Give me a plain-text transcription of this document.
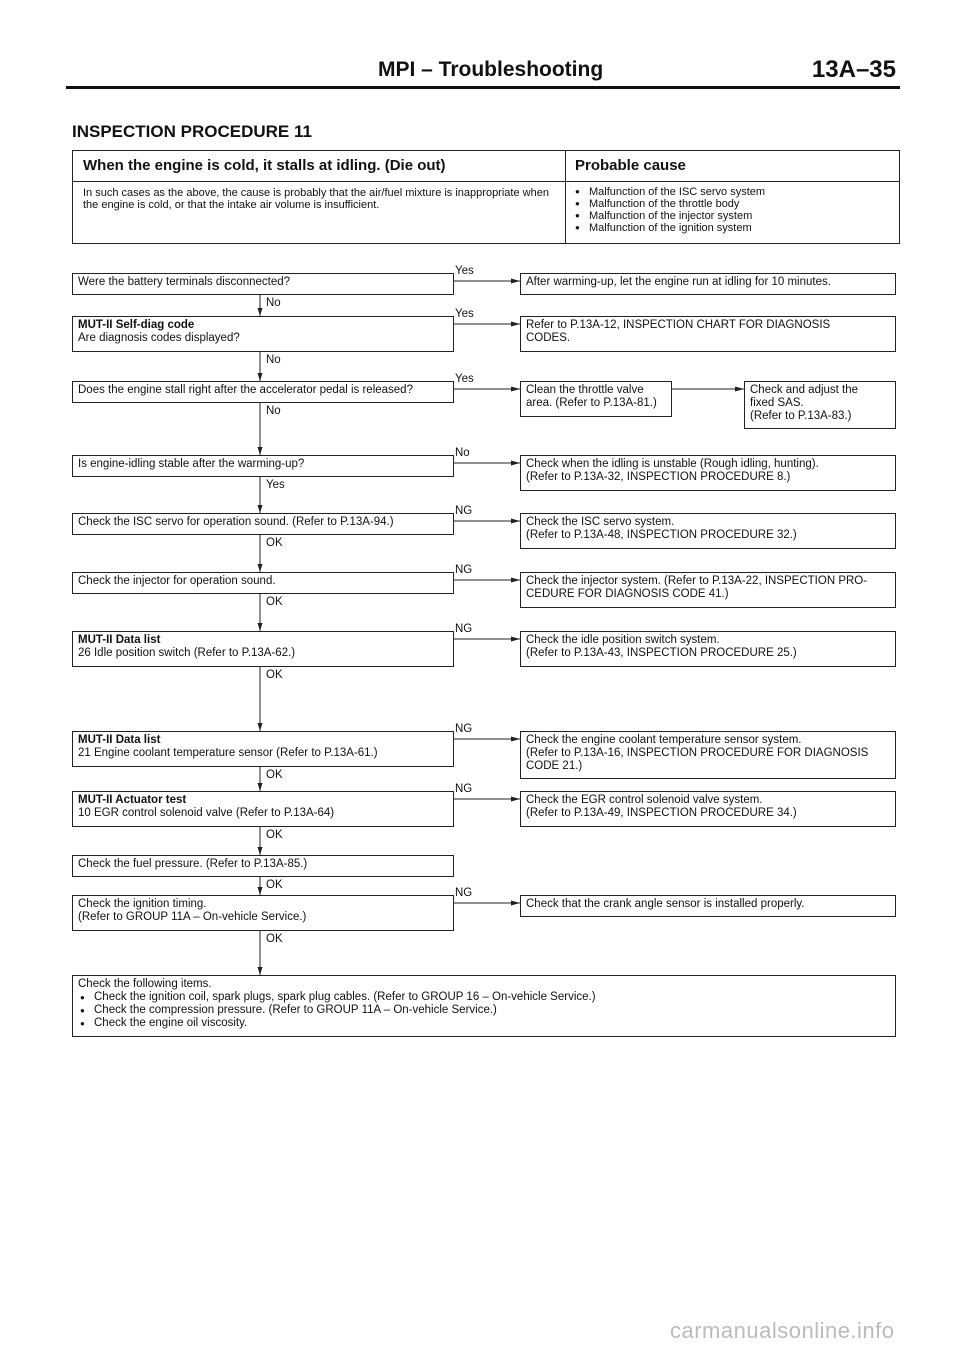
MPI – Troubleshooting	13A–35
INSPECTION PROCEDURE 11
When the engine is cold, it stalls at idling. (Die out)	Probable cause
In such cases as the above, the cause is probably that the air/fuel mixture is inappropriate when the engine is cold, or that the intake air volume is insufficient.
● Malfunction of the ISC servo system
● Malfunction of the throttle body
● Malfunction of the injector system
● Malfunction of the ignition system
Were the battery terminals disconnected?
MUT-II Self-diag code
Are diagnosis codes displayed?
Does the engine stall right after the accelerator pedal is released?
Is engine-idling stable after the warming-up?
Check the ISC servo for operation sound. (Refer to P.13A-94.)
Check the injector for operation sound.
MUT-II Data list
26 Idle position switch (Refer to P.13A-62.)
MUT-II Data list
21 Engine coolant temperature sensor (Refer to P.13A-61.)
MUT-II Actuator test
10 EGR control solenoid valve (Refer to P.13A-64)
Check the fuel pressure. (Refer to P.13A-85.)
Check the ignition timing.
(Refer to GROUP 11A – On-vehicle Service.)
After warming-up, let the engine run at idling for 10 minutes.
Yes
Refer to P.13A-12, INSPECTION CHART FOR DIAGNOSIS
CODES.
Yes
Clean the throttle valve
area. (Refer to P.13A-81.)
Yes
Check when the idling is unstable (Rough idling, hunting).
(Refer to P.13A-32, INSPECTION PROCEDURE 8.)
No
Check the ISC servo system.
(Refer to P.13A-48, INSPECTION PROCEDURE 32.)
NG
Check the injector system. (Refer to P.13A-22, INSPECTION PRO-
CEDURE FOR DIAGNOSIS CODE 41.)
NG
Check the idle position switch system.
(Refer to P.13A-43, INSPECTION PROCEDURE 25.)
NG
Check the engine coolant temperature sensor system.
(Refer to P.13A-16, INSPECTION PROCEDURE FOR DIAGNOSIS
CODE 21.)
NG
Check the EGR control solenoid valve system.
(Refer to P.13A-49, INSPECTION PROCEDURE 34.)
NG
Check that the crank angle sensor is installed properly.
NG
Check and adjust the
fixed SAS.
(Refer to P.13A-83.)
Check the following items.
● Check the ignition coil, spark plugs, spark plug cables. (Refer to GROUP 16 – On-vehicle Service.)
● Check the compression pressure. (Refer to GROUP 11A – On-vehicle Service.)
● Check the engine oil viscosity.
No
No
No
Yes
OK
OK
OK
OK
OK
OK
OK
carmanualsonline.info
